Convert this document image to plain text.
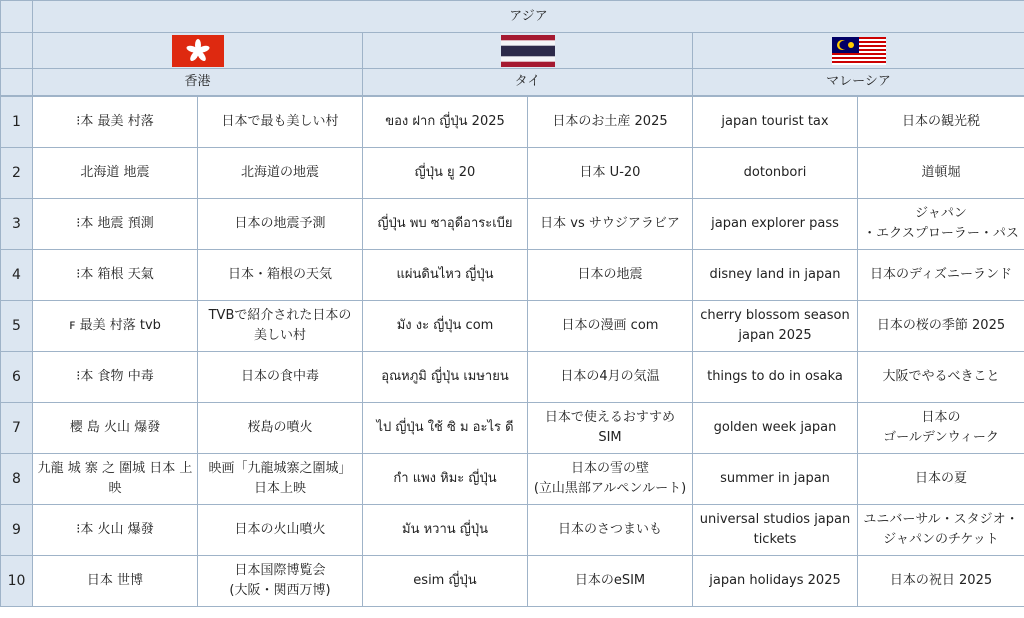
	アジア		

	香港	タイ	マレーシア
1	⁝本 最美 村落	日本で最も美しい村	ของ ฝาก ญี่ปุ่น 2025	日本のお土産 2025	japan tourist tax	日本の観光税
2	北海道 地震	北海道の地震	ญี่ปุ่น ยู 20	日本 U-20	dotonbori	道頓堀
3	⁝本 地震 預測	日本の地震予測	ญี่ปุ่น พบ ซาอุดีอาระเบีย	日本 vs サウジアラビア	japan explorer pass	ジャパン
・エクスプローラー・パス
4	⁝本 箱根 天氣	日本・箱根の天気	แผ่นดินไหว ญี่ปุ่น	日本の地震	disney land in japan	日本のディズニーランド
5	ꜰ 最美 村落 tvb	TVBで紹介された日本の
美しい村	มัง งะ ญี่ปุ่น com	日本の漫画 com	cherry blossom season
japan 2025	日本の桜の季節 2025
6	⁝本 食物 中毒	日本の食中毒	อุณหภูมิ ญี่ปุ่น เมษายน	日本の4月の気温	things to do in osaka	大阪でやるべきこと
7	櫻 島 火山 爆發	桜島の噴火	ไป ญี่ปุ่น ใช้ ซิ ม อะไร ดี	日本で使えるおすすめ
SIM	golden week japan	日本の
ゴールデンウィーク
8	九龍 城 寨 之 圍城 日本 上
映	映画「九龍城寨之圍城」
日本上映	กำ แพง หิมะ ญี่ปุ่น	日本の雪の壁
(立山黒部アルペンルート)	summer in japan	日本の夏
9	⁝本 火山 爆發	日本の火山噴火	มัน หวาน ญี่ปุ่น	日本のさつまいも	universal studios japan
tickets	ユニバーサル・スタジオ・
ジャパンのチケット
10	日本 世博	日本国際博覧会
(大阪・関西万博)	esim ญี่ปุ่น	日本のeSIM	japan holidays 2025	日本の祝日 2025
